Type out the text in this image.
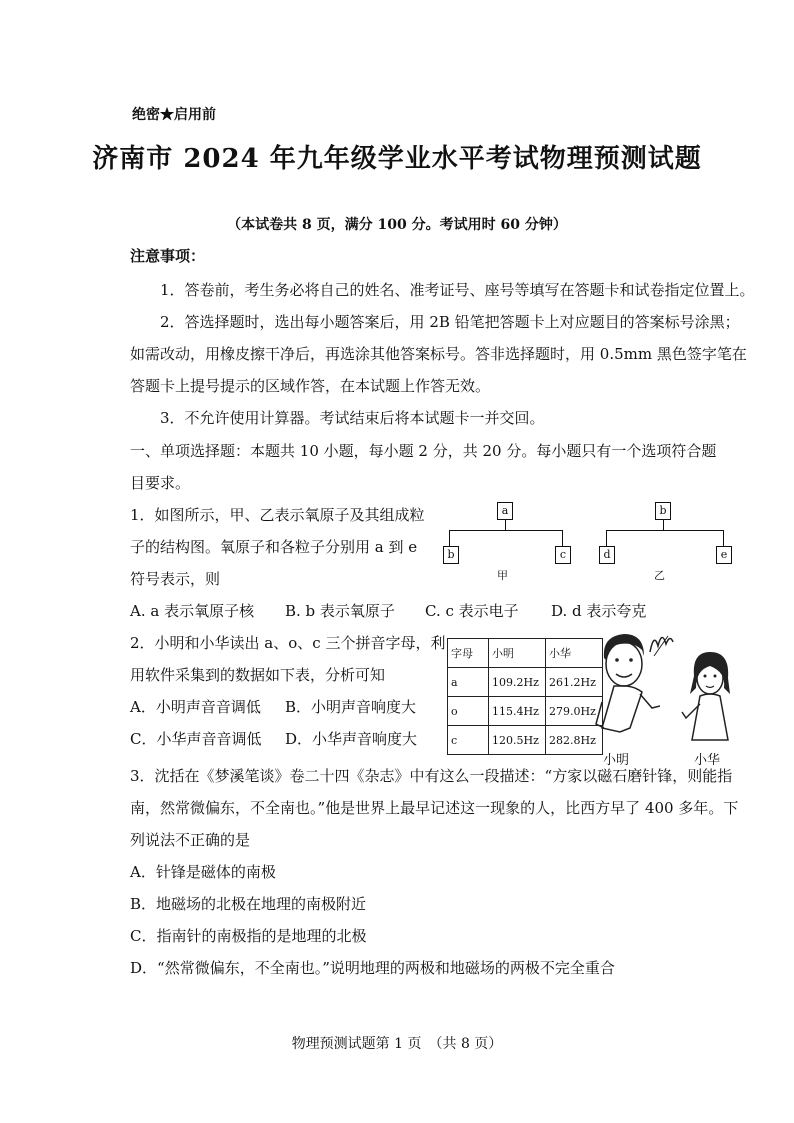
绝密★启用前
济南市 2024 年九年级学业水平考试物理预测试题
（本试卷共 8 页，满分 100 分。考试用时 60 分钟）
注意事项：
1．答卷前，考生务必将自己的姓名、准考证号、座号等填写在答题卡和试卷指定位置上。
2．答选择题时，选出每小题答案后，用 2B 铅笔把答题卡上对应题目的答案标号涂黑；
如需改动，用橡皮擦干净后，再选涂其他答案标号。答非选择题时，用 0.5mm 黑色签字笔在
答题卡上提号提示的区域作答，在本试题上作答无效。
3．不允许使用计算器。考试结束后将本试题卡一并交回。
一、单项选择题：本题共 10 小题，每小题 2 分，共 20 分。每小题只有一个选项符合题
目要求。
1．如图所示，甲、乙表示氧原子及其组成粒
子的结构图。氧原子和各粒子分别用 a 到 e
符号表示，则
a
b	c
甲
b
d	e
乙
A. a 表示氧原子核 B. b 表示氧原子 C. c 表示电子 D. d 表示夸克
2．小明和小华读出 a、o、c 三个拼音字母，利
用软件采集到的数据如下表，分析可知
A．小明声音音调低 B．小明声音响度大
C．小华声音音调低 D．小华声音响度大
字母	小明	小华
a	109.2Hz	261.2Hz
o	115.4Hz	279.0Hz
c	120.5Hz	282.8Hz
小明	小华
3．沈括在《梦溪笔谈》卷二十四《杂志》中有这么一段描述：“方家以磁石磨针锋，则能指
南，然常微偏东，不全南也。”他是世界上最早记述这一现象的人，比西方早了 400 多年。下
列说法不正确的是
A．针锋是磁体的南极
B．地磁场的北极在地理的南极附近
C．指南针的南极指的是地理的北极
D．“然常微偏东，不全南也。”说明地理的两极和地磁场的两极不完全重合
物理预测试题第 1 页　（共 8 页）
